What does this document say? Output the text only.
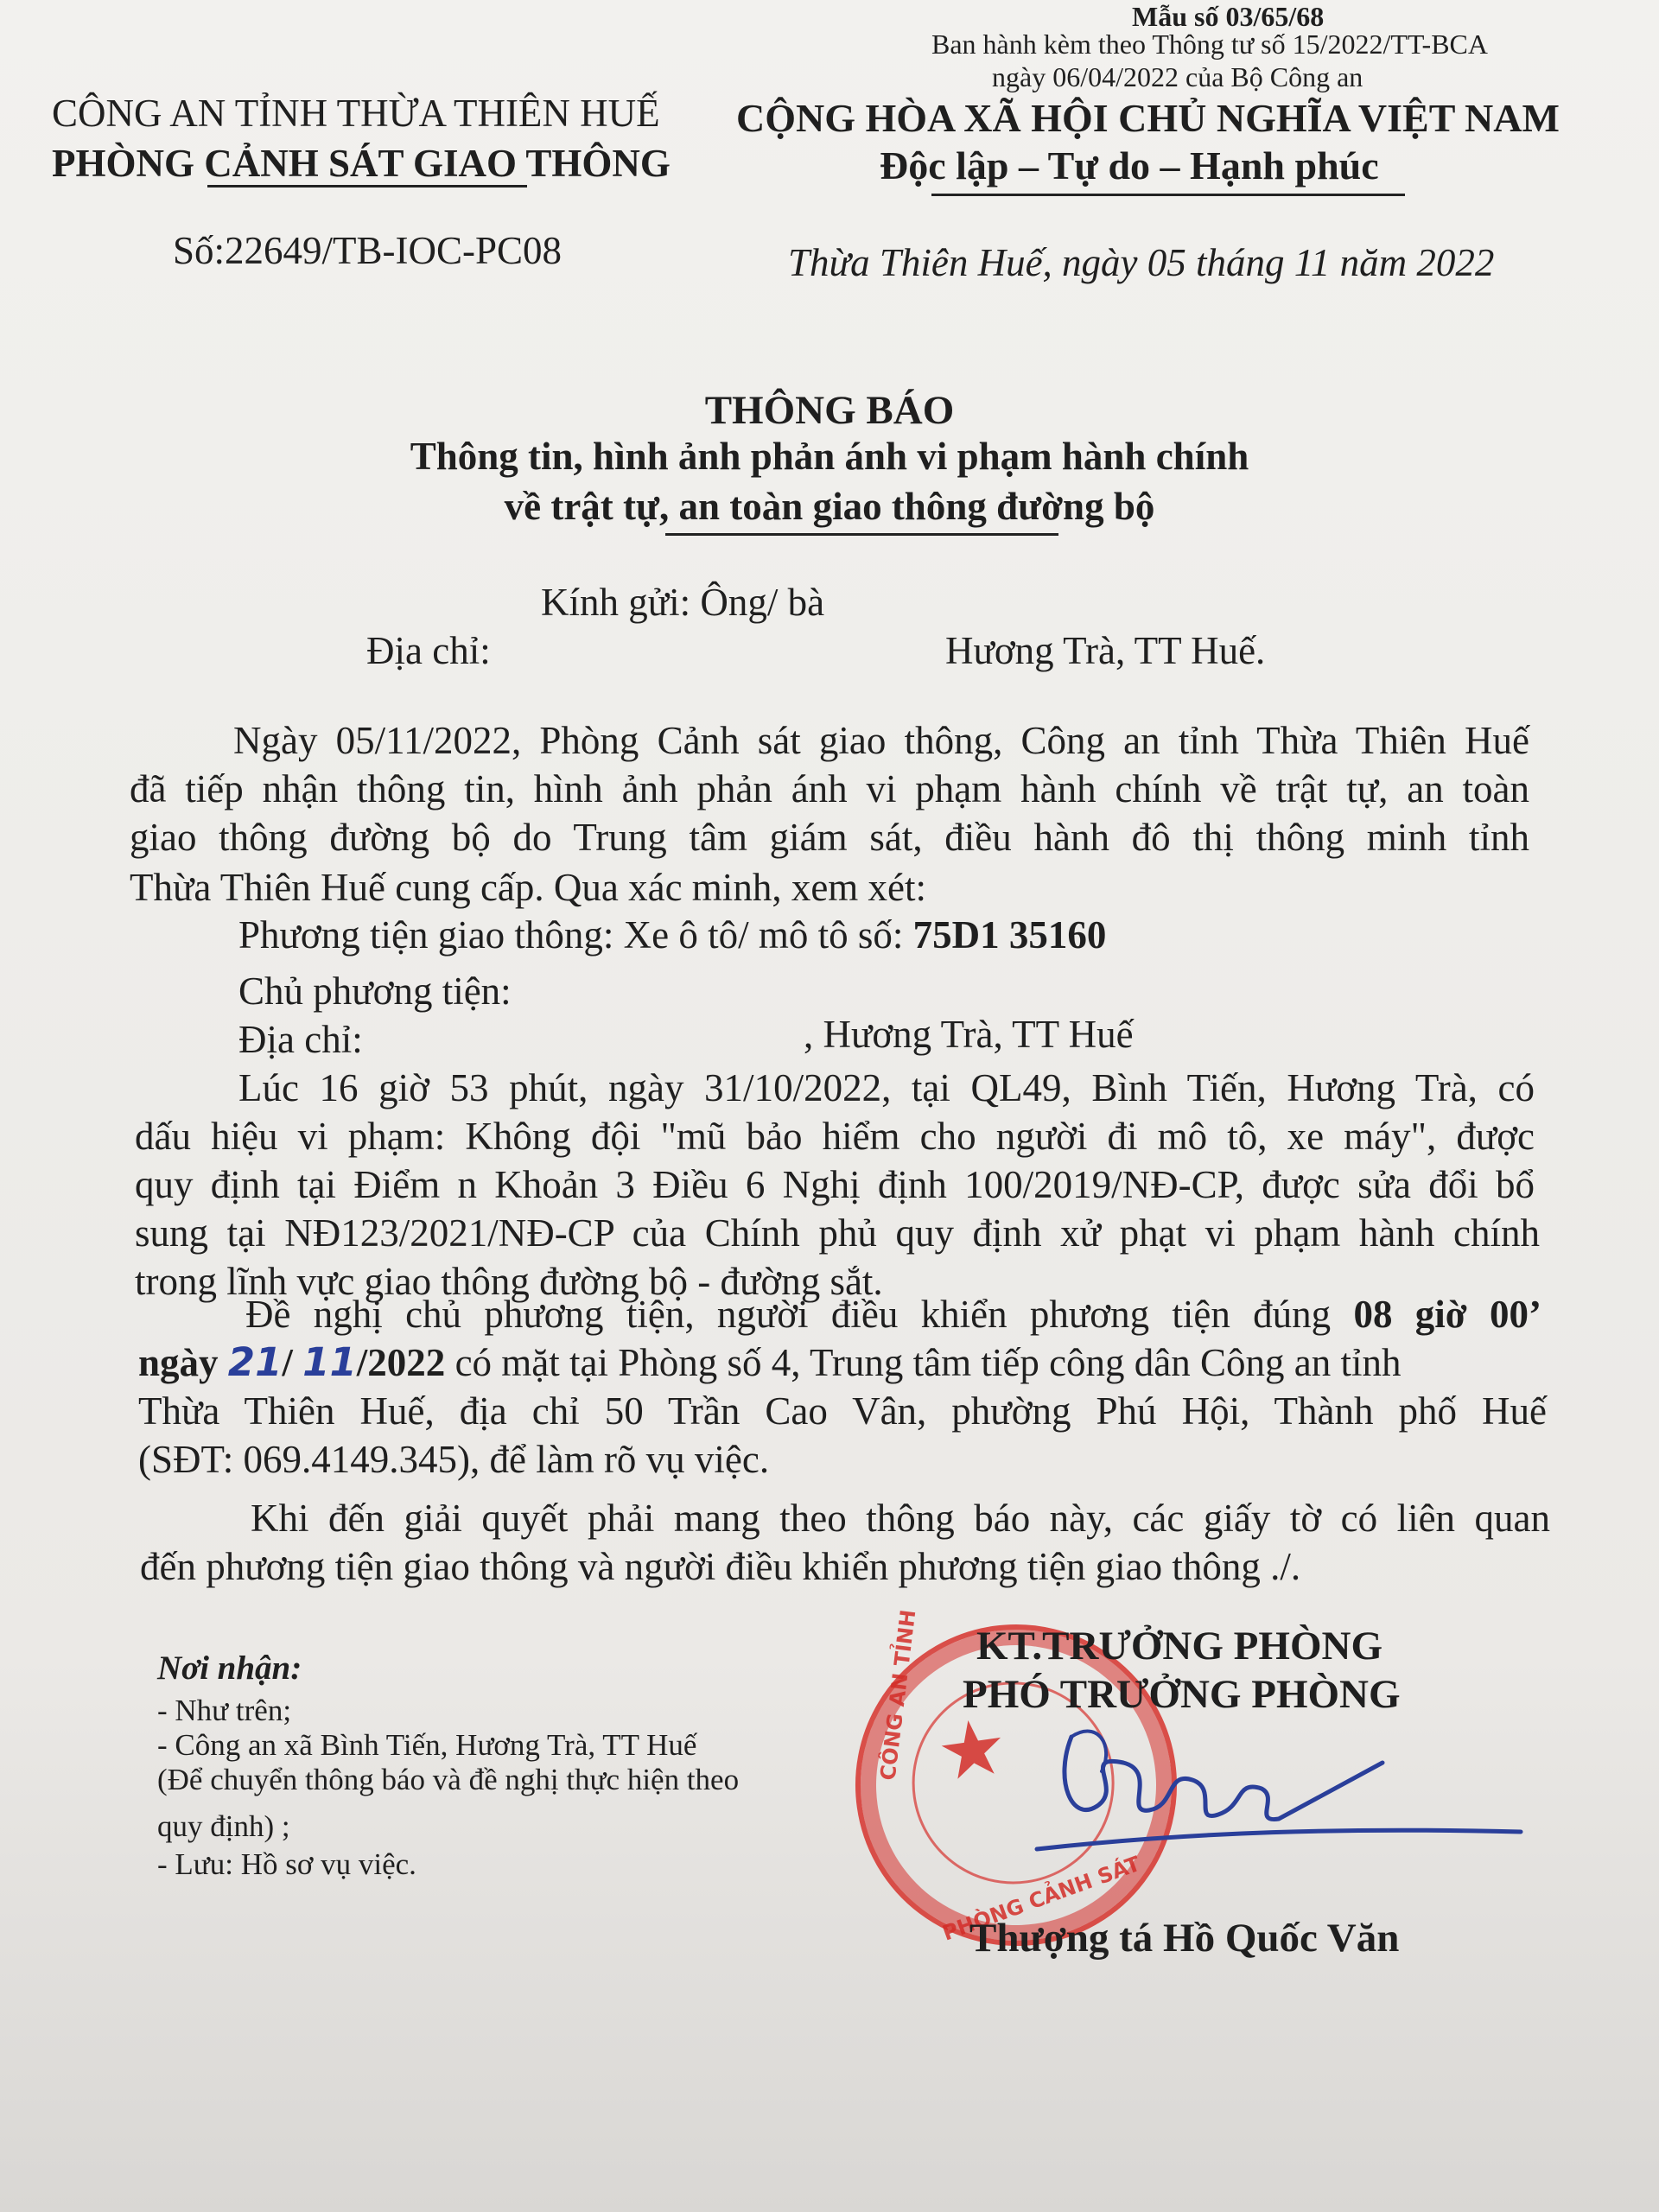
Mẫu số 03/65/68
Ban hành kèm theo Thông tư số 15/2022/TT-BCA
ngày 06/04/2022 của Bộ Công an
CÔNG AN TỈNH THỪA THIÊN HUẾ
PHÒNG CẢNH SÁT GIAO THÔNG
Số:22649/TB-IOC-PC08
CỘNG HÒA XÃ HỘI CHỦ NGHĨA VIỆT NAM
Độc lập – Tự do – Hạnh phúc
Thừa Thiên Huế, ngày 05 tháng 11 năm 2022
THÔNG BÁO
Thông tin, hình ảnh phản ánh vi phạm hành chính
về trật tự, an toàn giao thông đường bộ
Kính gửi: Ông/ bà
Địa chỉ:	Hương Trà, TT Huế.
Ngày 05/11/2022, Phòng Cảnh sát giao thông, Công an tỉnh Thừa Thiên Huế
đã tiếp nhận thông tin, hình ảnh phản ánh vi phạm hành chính về trật tự, an toàn
giao thông đường bộ do Trung tâm giám sát, điều hành đô thị thông minh tỉnh
Thừa Thiên Huế cung cấp. Qua xác minh, xem xét:
Phương tiện giao thông: Xe ô tô/ mô tô số: 75D1 35160
Chủ phương tiện:
Địa chỉ:	, Hương Trà, TT Huế
Lúc 16 giờ 53 phút, ngày 31/10/2022, tại QL49, Bình Tiến, Hương Trà, có
dấu hiệu vi phạm: Không đội "mũ bảo hiểm cho người đi mô tô, xe máy", được
quy định tại Điểm n Khoản 3 Điều 6 Nghị định 100/2019/NĐ-CP, được sửa đổi bổ
sung tại NĐ123/2021/NĐ-CP của Chính phủ quy định xử phạt vi phạm hành chính
trong lĩnh vực giao thông đường bộ - đường sắt.
Đề nghị chủ phương tiện, người điều khiển phương tiện đúng 08 giờ 00’
ngày 21/ 11/2022 có mặt tại Phòng số 4, Trung tâm tiếp công dân Công an tỉnh
Thừa Thiên Huế, địa chỉ 50 Trần Cao Vân, phường Phú Hội, Thành phố Huế
(SĐT: 069.4149.345), để làm rõ vụ việc.
Khi đến giải quyết phải mang theo thông báo này, các giấy tờ có liên quan
đến phương tiện giao thông và người điều khiển phương tiện giao thông ./.
Nơi nhận:
- Như trên;
- Công an xã Bình Tiến, Hương Trà, TT Huế
(Để chuyển thông báo và đề nghị thực hiện theo
quy định) ;
- Lưu: Hồ sơ vụ việc.
★
CÔNG AN TỈNH
PHÒNG CẢNH SÁT
KT.TRƯỞNG PHÒNG
PHÓ TRƯỞNG PHÒNG
Thượng tá Hồ Quốc Văn
